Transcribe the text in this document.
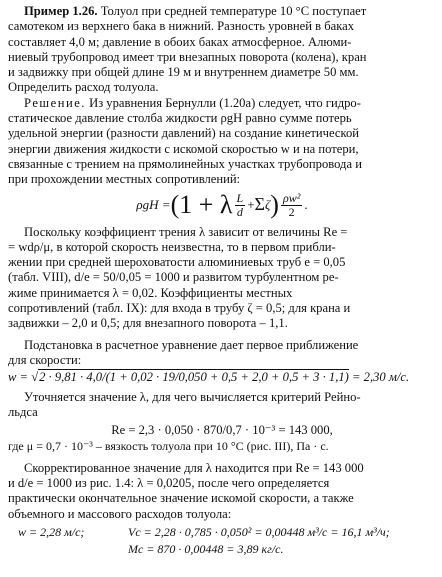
Пример 1.26. Толуол при средней температуре 10 °С поступает
самотеком из верхнего бака в нижний. Разность уровней в баках
составляет 4,0 м; давление в обоих баках атмосферное. Алюми-
ниевый трубопровод имеет три внезапных поворота (колена), кран
и задвижку при общей длине 19 м и внутреннем диаметре 50 мм.
Определить расход толуола.
Решение. Из уравнения Бернулли (1.20а) следует, что гидро-
статическое давление столба жидкости ρgH равно сумме потерь
удельной энергии (разности давлений) на создание кинетической
энергии движения жидкости с искомой скоростью w и на потери,
связанные с трением на прямолинейных участках трубопровода и
при прохождении местных сопротивлений:
ρgH = (1 + λ $\frac{L}{d} + \Sigma$ ζ ) $\frac{\text{ρw²}}{2}$ .
Поскольку коэффициент трения λ зависит от величины Re =
= wdρ/μ, в которой скорость неизвестна, то в первом прибли-
жении при средней шероховатости алюминиевых труб e = 0,05
(табл. VIII), d/e = 50/0,05 = 1000 и развитом турбулентном ре-
жиме принимается λ = 0,02. Коэффициенты местных
сопротивлений (табл. IX): для входа в трубу ζ = 0,5; для крана и
задвижки – 2,0 и 0,5; для внезапного поворота – 1,1.
Подстановка в расчетное уравнение дает первое приближение
для скорости:
w = √2 · 9,81 · 4,0/(1 + 0,02 · 19/0,050 + 0,5 + 2,0 + 0,5 + 3 · 1,1) = 2,30 м/с.
Уточняется значение λ, для чего вычисляется критерий Рейно-
льдса
Re = 2,3 · 0,050 · 870/0,7 · 10⁻³ = 143 000,
где μ = 0,7 · 10⁻³ – вязкость толуола при 10 °С (рис. III), Па · с.
Скорректированное значение для λ находится при Re = 143 000
и d/e = 1000 из рис. 1.4: λ = 0,0205, после чего определяется
практически окончательное значение искомой скорости, а также
объемного и массового расходов толуола:
w = 2,28 м/с;	Vс = 2,28 · 0,785 · 0,050² = 0,00448 м³/с = 16,1 м³/ч;
Mс = 870 · 0,00448 = 3,89 кг/с.
